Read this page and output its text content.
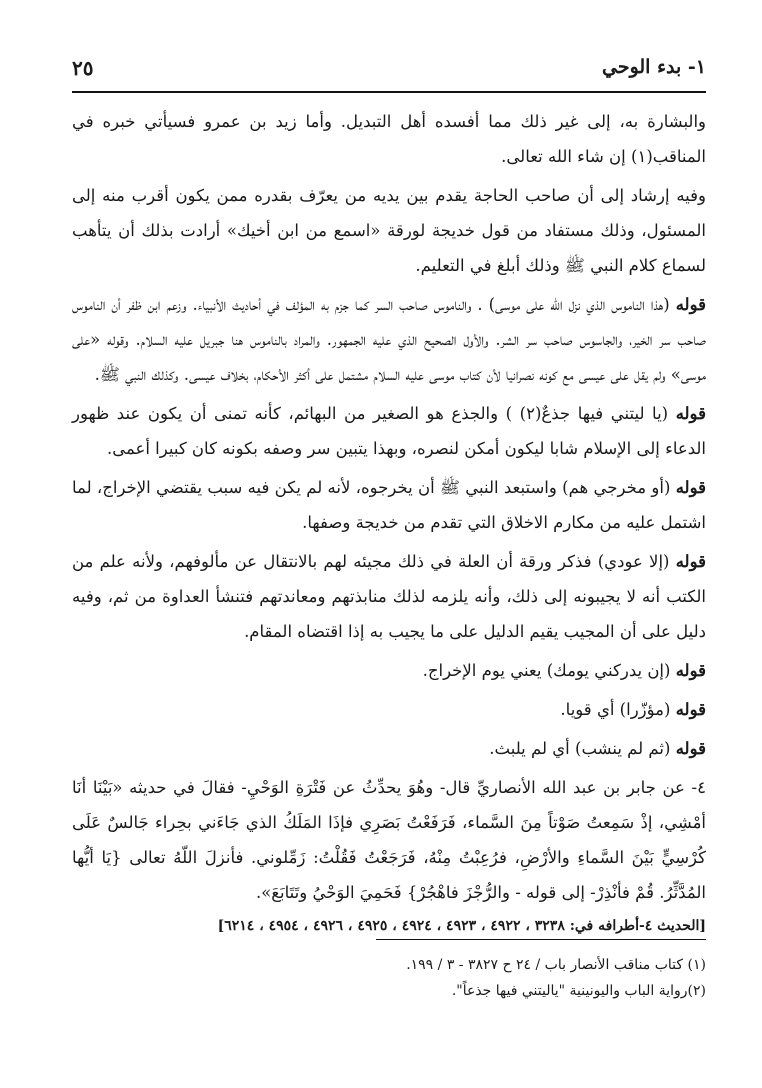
١- بدء الوحي
٢٥

والبشارة به، إلى غير ذلك مما أفسده أهل التبديل. وأما زيد بن عمرو فسيأتي خبره في المناقب(١) إن شاء الله تعالى.

وفيه إرشاد إلى أن صاحب الحاجة يقدم بين يديه من يعرّف بقدره ممن يكون أقرب منه إلى المسئول، وذلك مستفاد من قول خديجة لورقة «اسمع من ابن أخيك» أرادت بذلك أن يتأهب لسماع كلام النبي ﷺ وذلك أبلغ في التعليم.

قوله (هذا الناموس الذي نزل الله على موسى) . والناموس صاحب السر كما جزم به المؤلف في أحاديث الأنبياء. وزعم ابن ظفر أن الناموس صاحب سر الخير، والجاسوس صاحب سر الشر. والأول الصحيح الذي عليه الجمهور. والمراد بالناموس هنا جبريل عليه السلام. وقوله «على موسى» ولم يقل على عيسى مع كونه نصرانيا لأن كتاب موسى عليه السلام مشتمل على أكثر الأحكام، بخلاف عيسى. وكذلك النبي ﷺ.

قوله (يا ليتني فيها جذعٌ(٢) ) والجذع هو الصغير من البهائم، كأنه تمنى أن يكون عند ظهور الدعاء إلى الإسلام شابا ليكون أمكن لنصره، وبهذا يتبين سر وصفه بكونه كان كبيرا أعمى.

قوله (أو مخرجي هم) واستبعد النبي ﷺ أن يخرجوه، لأنه لم يكن فيه سبب يقتضي الإخراج، لما اشتمل عليه من مكارم الاخلاق التي تقدم من خديجة وصفها.

قوله (إلا عودي) فذكر ورقة أن العلة في ذلك مجيئه لهم بالانتقال عن مألوفهم، ولأنه علم من الكتب أنه لا يجيبونه إلى ذلك، وأنه يلزمه لذلك منابذتهم ومعاندتهم فتنشأ العداوة من ثم، وفيه دليل على أن المجيب يقيم الدليل على ما يجيب به إذا اقتضاه المقام.

قوله (إن يدركني يومك) يعني يوم الإخراج.

قوله (مؤزّرا) أي قويا.

قوله (ثم لم ينشب) أي لم يلبث.

٤- عن جابر بن عبد الله الأنصاريِّ قال- وهُوَ يحدِّثُ عن فَتْرَةِ الوَحْيِ- فقالَ في حديثه «بَيْنَا أنَا أمْشِي، إذْ سَمِعتُ صَوْتاً مِنَ السَّماء، فَرَفَعْتُ بَصَرِي فإذَا المَلَكُ الذي جَاءَني بحِراء جَالسٌ عَلَى كُرْسِيٍّ بَيْنَ السَّماءِ والأرْضِ، فرُعِبْتُ مِنْهُ، فَرَجَعْتُ فَقُلْتُ: زَمِّلوني. فأنزلَ اللّهُ تعالى {يَا أيُّها المُدَّثِّرُ. قُمْ فأنْذِرْ- إلى قوله - والرُّجْزَ فاهْجُرْ} فَحَمِيَ الوَحْيُ وتَتَابَعَ».

[الحديث ٤-أطرافه في: ٣٢٣٨ ، ٤٩٢٢ ، ٤٩٢٣ ، ٤٩٢٤ ، ٤٩٢٥ ، ٤٩٢٦ ، ٤٩٥٤ ، ٦٢١٤]

(١) كتاب مناقب الأنصار باب / ٢٤ ح ٣٨٢٧ - ٣ / ١٩٩.

(٢)رواية الباب واليونينية "ياليتني فيها جذعاً".
